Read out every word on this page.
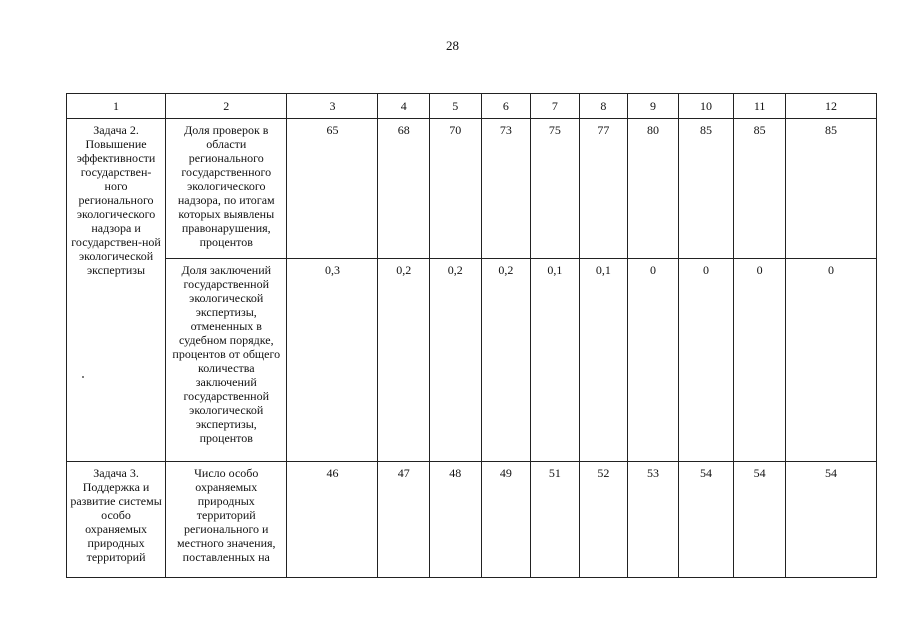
28
1	2	3	4	5	6	7	8	9	10	11	12
Задача 2. Повышение эффективности государствен-ного регионального экологического надзора и государствен-ной экологической экспертизы	Доля проверок в области регионального государственного экологического надзора, по итогам которых выявлены правонарушения, процентов	65	68	70	73	75	77	80	85	85	85
	Доля заключений государственной экологической экспертизы, отмененных в судебном порядке, процентов от общего количества заключений государственной экологической экспертизы, процентов	0,3	0,2	0,2	0,2	0,1	0,1	0	0	0	0
Задача 3. Поддержка и развитие системы особо охраняемых природных территорий	Число особо охраняемых природных территорий регионального и местного значения, поставленных на	46	47	48	49	51	52	53	54	54	54
